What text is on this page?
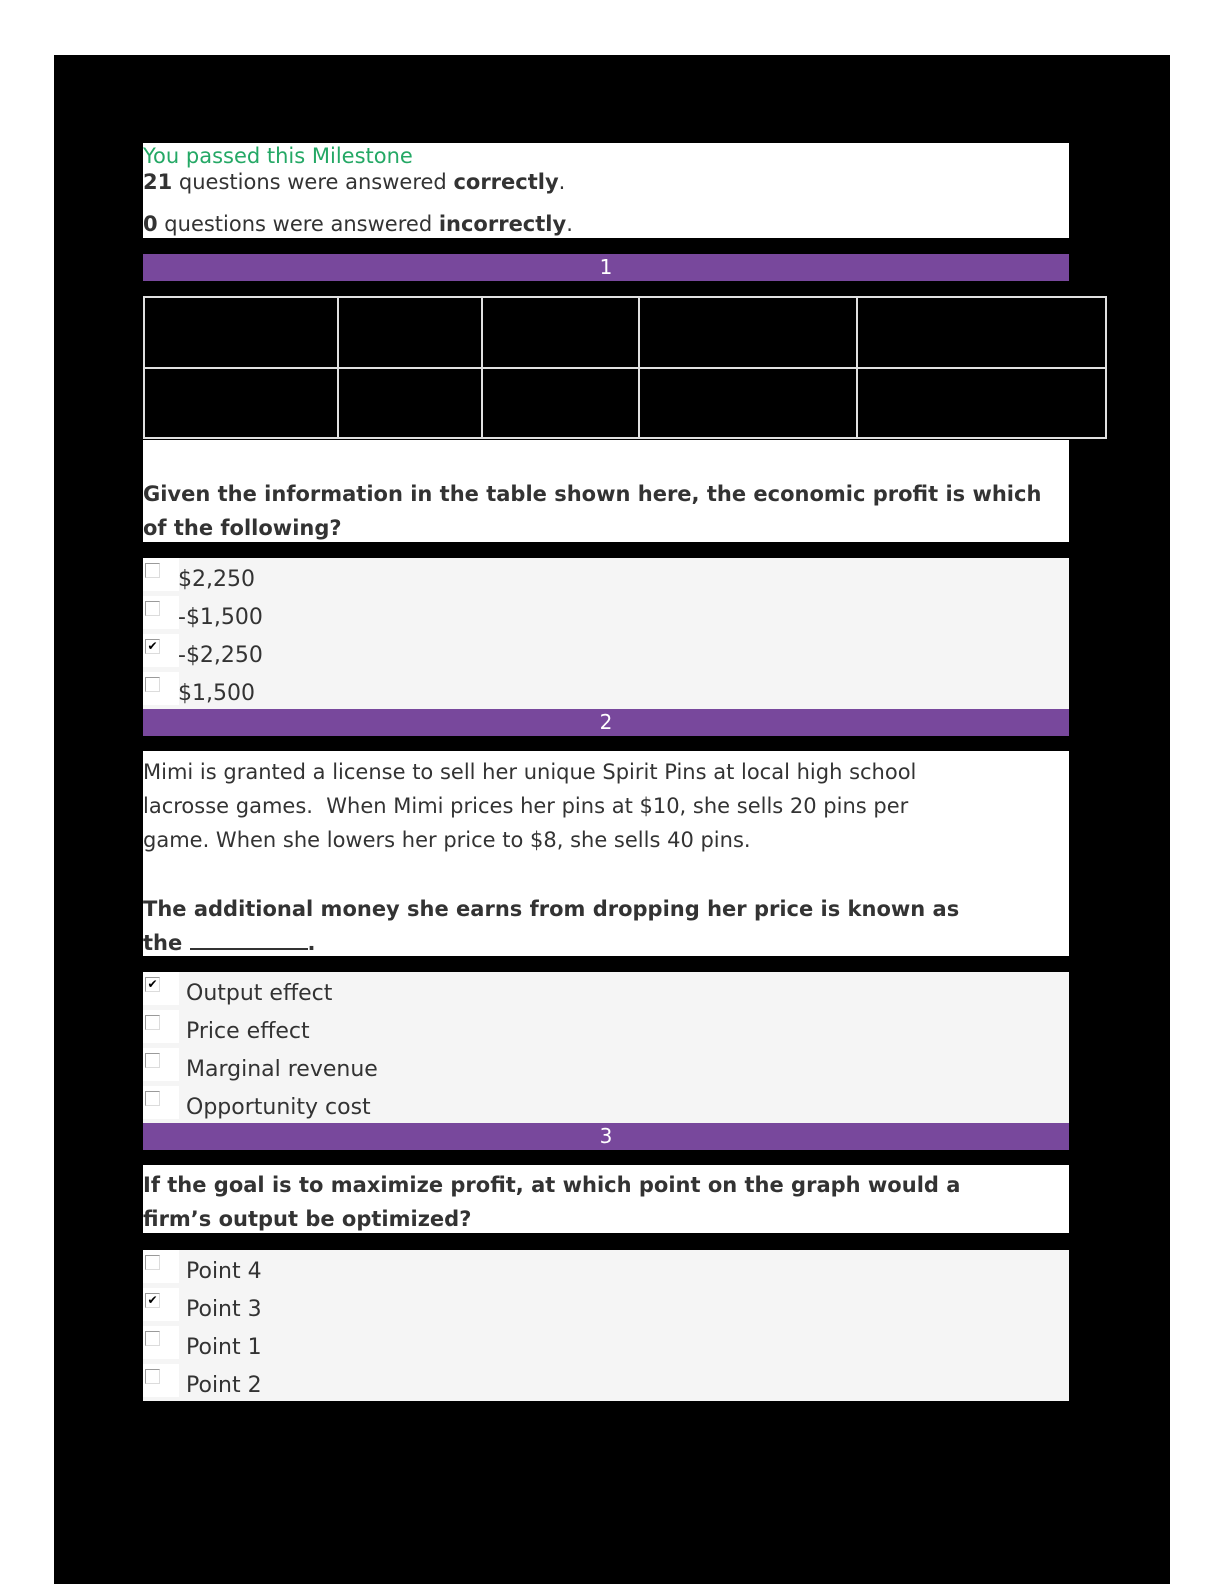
You passed this Milestone
21 questions were answered correctly.
0 questions were answered incorrectly.
1

Given the information in the table shown here, the economic profit is which of the following?
$2,250
-$1,500
✔ -$2,250
$1,500
2
Mimi is granted a license to sell her unique Spirit Pins at local high school
lacrosse games.  When Mimi prices her pins at $10, she sells 20 pins per
game. When she lowers her price to $8, she sells 40 pins.
The additional money she earns from dropping her price is known as
the	.
✔ Output effect
Price effect
Marginal revenue
Opportunity cost
3
If the goal is to maximize profit, at which point on the graph would a
firm’s output be optimized?
Point 4
✔ Point 3
Point 1
Point 2
